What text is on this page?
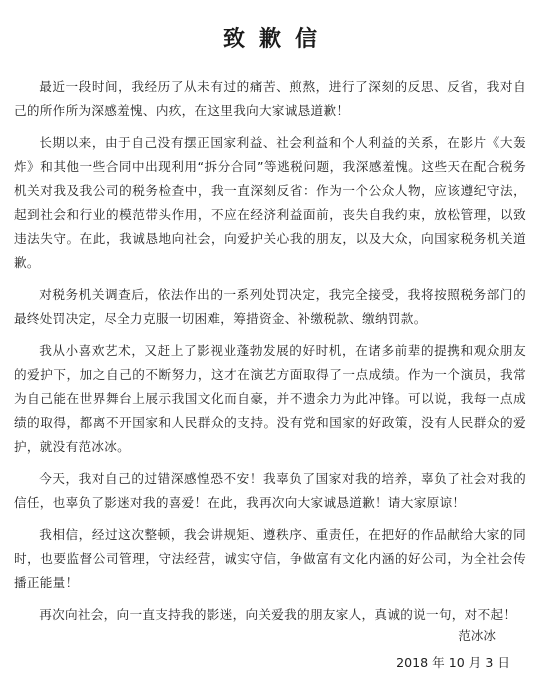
致歉信

最近一段时间，我经历了从未有过的痛苦、煎熬，进行了深刻的反思、反省，我对自己的所作所为深感羞愧、内疚，在这里我向大家诚恳道歉！

长期以来，由于自己没有摆正国家利益、社会利益和个人利益的关系，在影片《大轰炸》和其他一些合同中出现利用“拆分合同”等逃税问题，我深感羞愧。这些天在配合税务机关对我及我公司的税务检查中，我一直深刻反省：作为一个公众人物，应该遵纪守法，起到社会和行业的模范带头作用，不应在经济利益面前，丧失自我约束，放松管理，以致违法失守。在此，我诚恳地向社会，向爱护关心我的朋友，以及大众，向国家税务机关道歉。

对税务机关调查后，依法作出的一系列处罚决定，我完全接受，我将按照税务部门的最终处罚决定，尽全力克服一切困难，筹措资金、补缴税款、缴纳罚款。

我从小喜欢艺术，又赶上了影视业蓬勃发展的好时机，在诸多前辈的提携和观众朋友的爱护下，加之自己的不断努力，这才在演艺方面取得了一点成绩。作为一个演员，我常为自己能在世界舞台上展示我国文化而自豪，并不遗余力为此冲锋。可以说，我每一点成绩的取得，都离不开国家和人民群众的支持。没有党和国家的好政策，没有人民群众的爱护，就没有范冰冰。

今天，我对自己的过错深感惶恐不安！我辜负了国家对我的培养，辜负了社会对我的信任，也辜负了影迷对我的喜爱！在此，我再次向大家诚恳道歉！请大家原谅！

我相信，经过这次整顿，我会讲规矩、遵秩序、重责任，在把好的作品献给大家的同时，也要监督公司管理，守法经营，诚实守信，争做富有文化内涵的好公司，为全社会传播正能量！

再次向社会，向一直支持我的影迷，向关爱我的朋友家人，真诚的说一句，对不起！

范冰冰
2018 年 10 月 3 日
